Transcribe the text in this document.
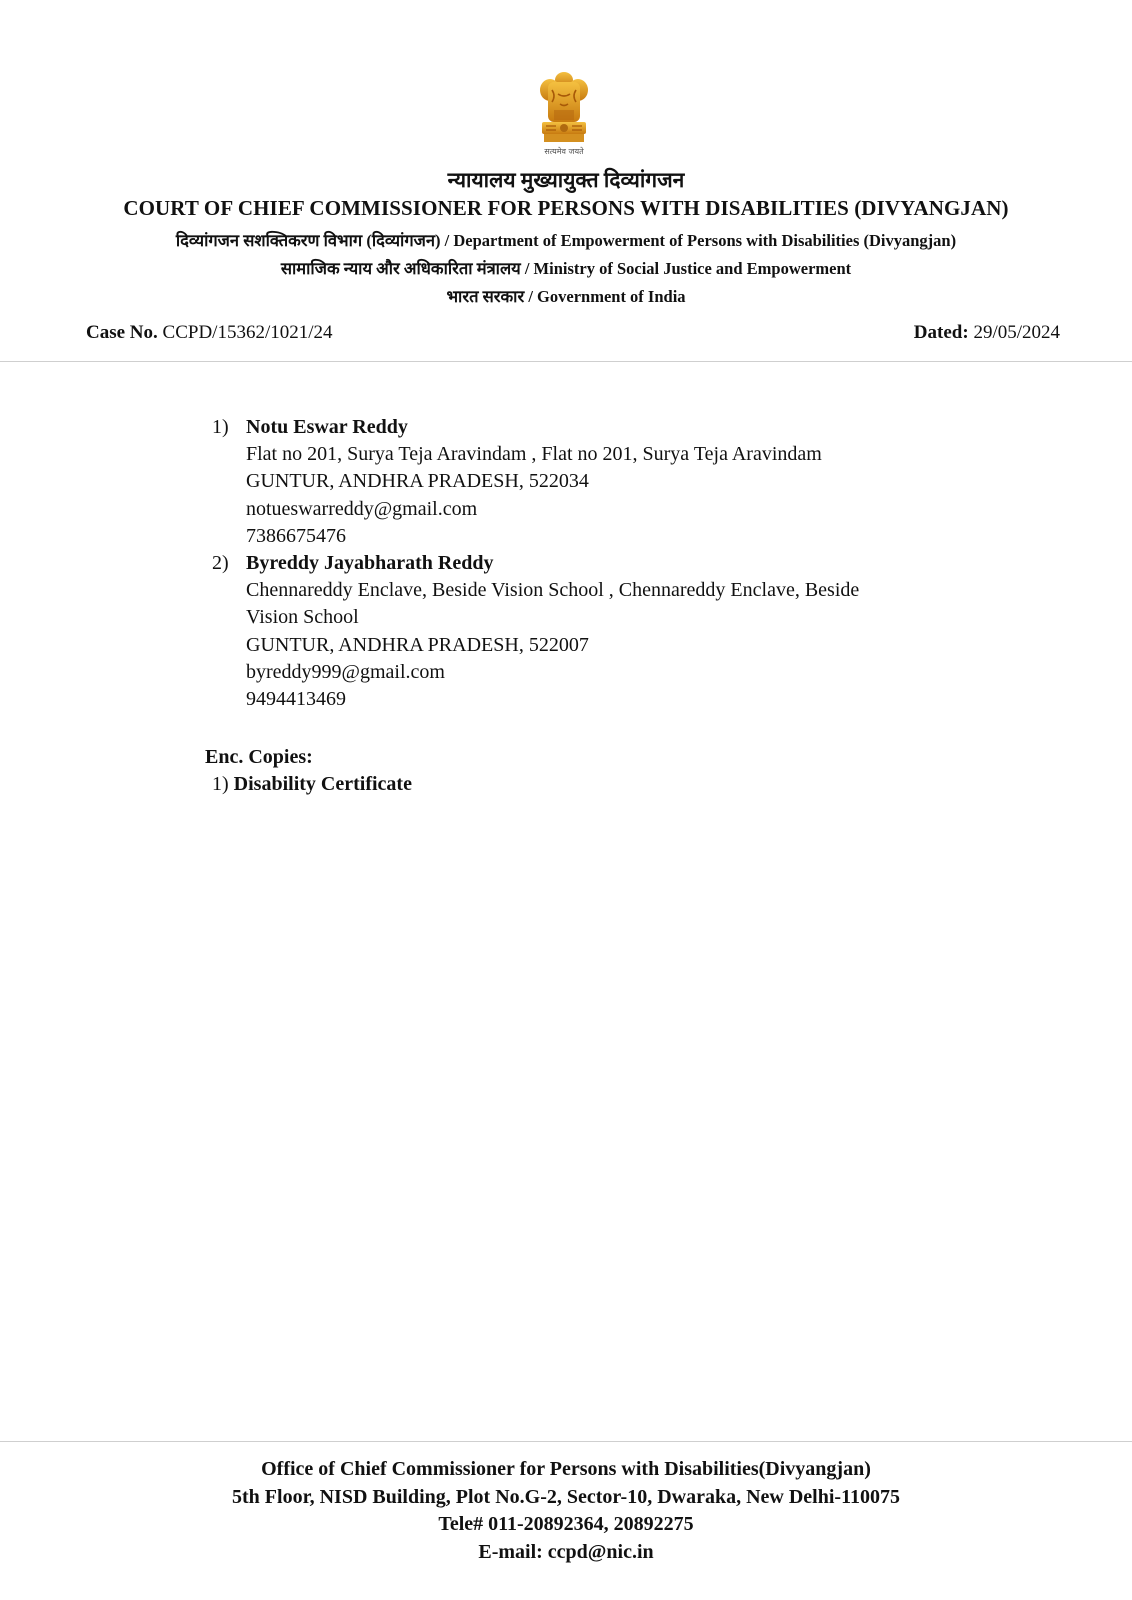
सत्यमेव जयते
न्यायालय मुख्यायुक्त दिव्यांगजन
COURT OF CHIEF COMMISSIONER FOR PERSONS WITH DISABILITIES (DIVYANGJAN)
दिव्यांगजन सशक्तिकरण विभाग (दिव्यांगजन) / Department of Empowerment of Persons with Disabilities (Divyangjan)
सामाजिक न्याय और अधिकारिता मंत्रालय / Ministry of Social Justice and Empowerment
भारत सरकार / Government of India
Case No. CCPD/15362/1021/24	Dated: 29/05/2024
1) Notu Eswar Reddy
Flat no 201, Surya Teja Aravindam , Flat no 201, Surya Teja Aravindam
GUNTUR, ANDHRA PRADESH, 522034
notueswarreddy@gmail.com
7386675476
2) Byreddy Jayabharath Reddy
Chennareddy Enclave, Beside Vision School , Chennareddy Enclave, Beside
Vision School
GUNTUR, ANDHRA PRADESH, 522007
byreddy999@gmail.com
9494413469
Enc. Copies:
1) Disability Certificate
Office of Chief Commissioner for Persons with Disabilities(Divyangjan)
5th Floor, NISD Building, Plot No.G-2, Sector-10, Dwaraka, New Delhi-110075
Tele# 011-20892364, 20892275
E-mail: ccpd@nic.in
